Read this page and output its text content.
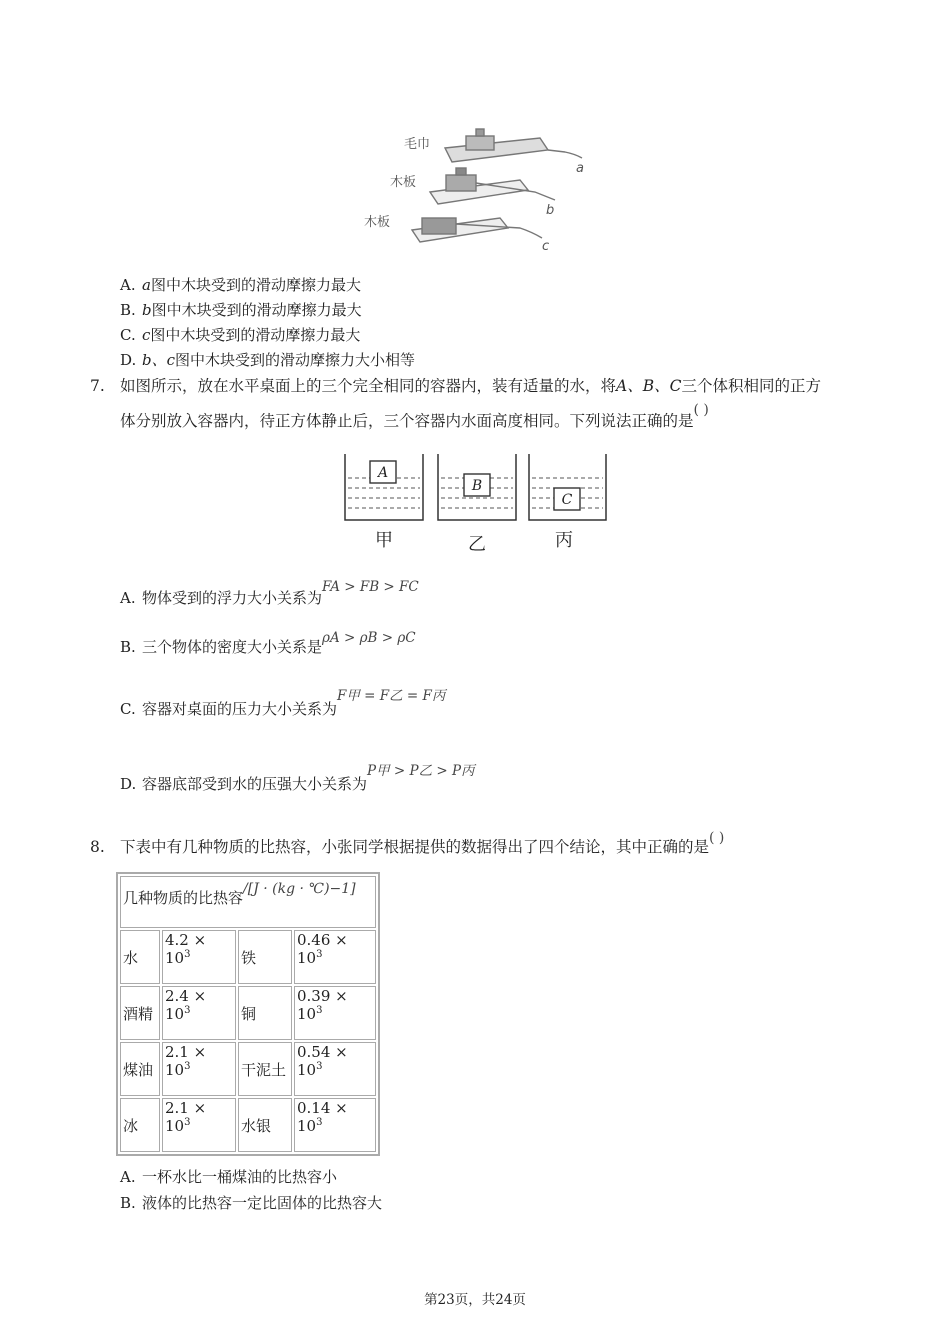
毛巾
木板
木板
a
b
c
A. a图中木块受到的滑动摩擦力最大
B. b图中木块受到的滑动摩擦力最大
C. c图中木块受到的滑动摩擦力最大
D. b、c图中木块受到的滑动摩擦力大小相等
7. 如图所示，放在水平桌面上的三个完全相同的容器内，装有适量的水，将A、B、C三个体积相同的正方
体分别放入容器内，待正方体静止后，三个容器内水面高度相同。下列说法正确的是( )
A
B
C
甲	乙	丙
A. 物体受到的浮力大小关系为FA > FB > FC
B. 三个物体的密度大小关系是ρA > ρB > ρC
C. 容器对桌面的压力大小关系为F甲 = F乙 = F丙
D. 容器底部受到水的压强大小关系为P甲 > P乙 > P丙
8. 下表中有几种物质的比热容，小张同学根据提供的数据得出了四个结论，其中正确的是( )
几种物质的比热容/[J · (kg · ℃)−1]			
水	$4.2 \times 10^3$	铁	$0.46 \times 10^3$
酒精	$2.4 \times 10^3$	铜	$0.39 \times 10^3$
煤油	$2.1 \times 10^3$	干泥土	$0.54 \times 10^3$
冰	$2.1 \times 10^3$	水银	$0.14 \times 10^3$
A. 一杯水比一桶煤油的比热容小
B. 液体的比热容一定比固体的比热容大
第23页，共24页
